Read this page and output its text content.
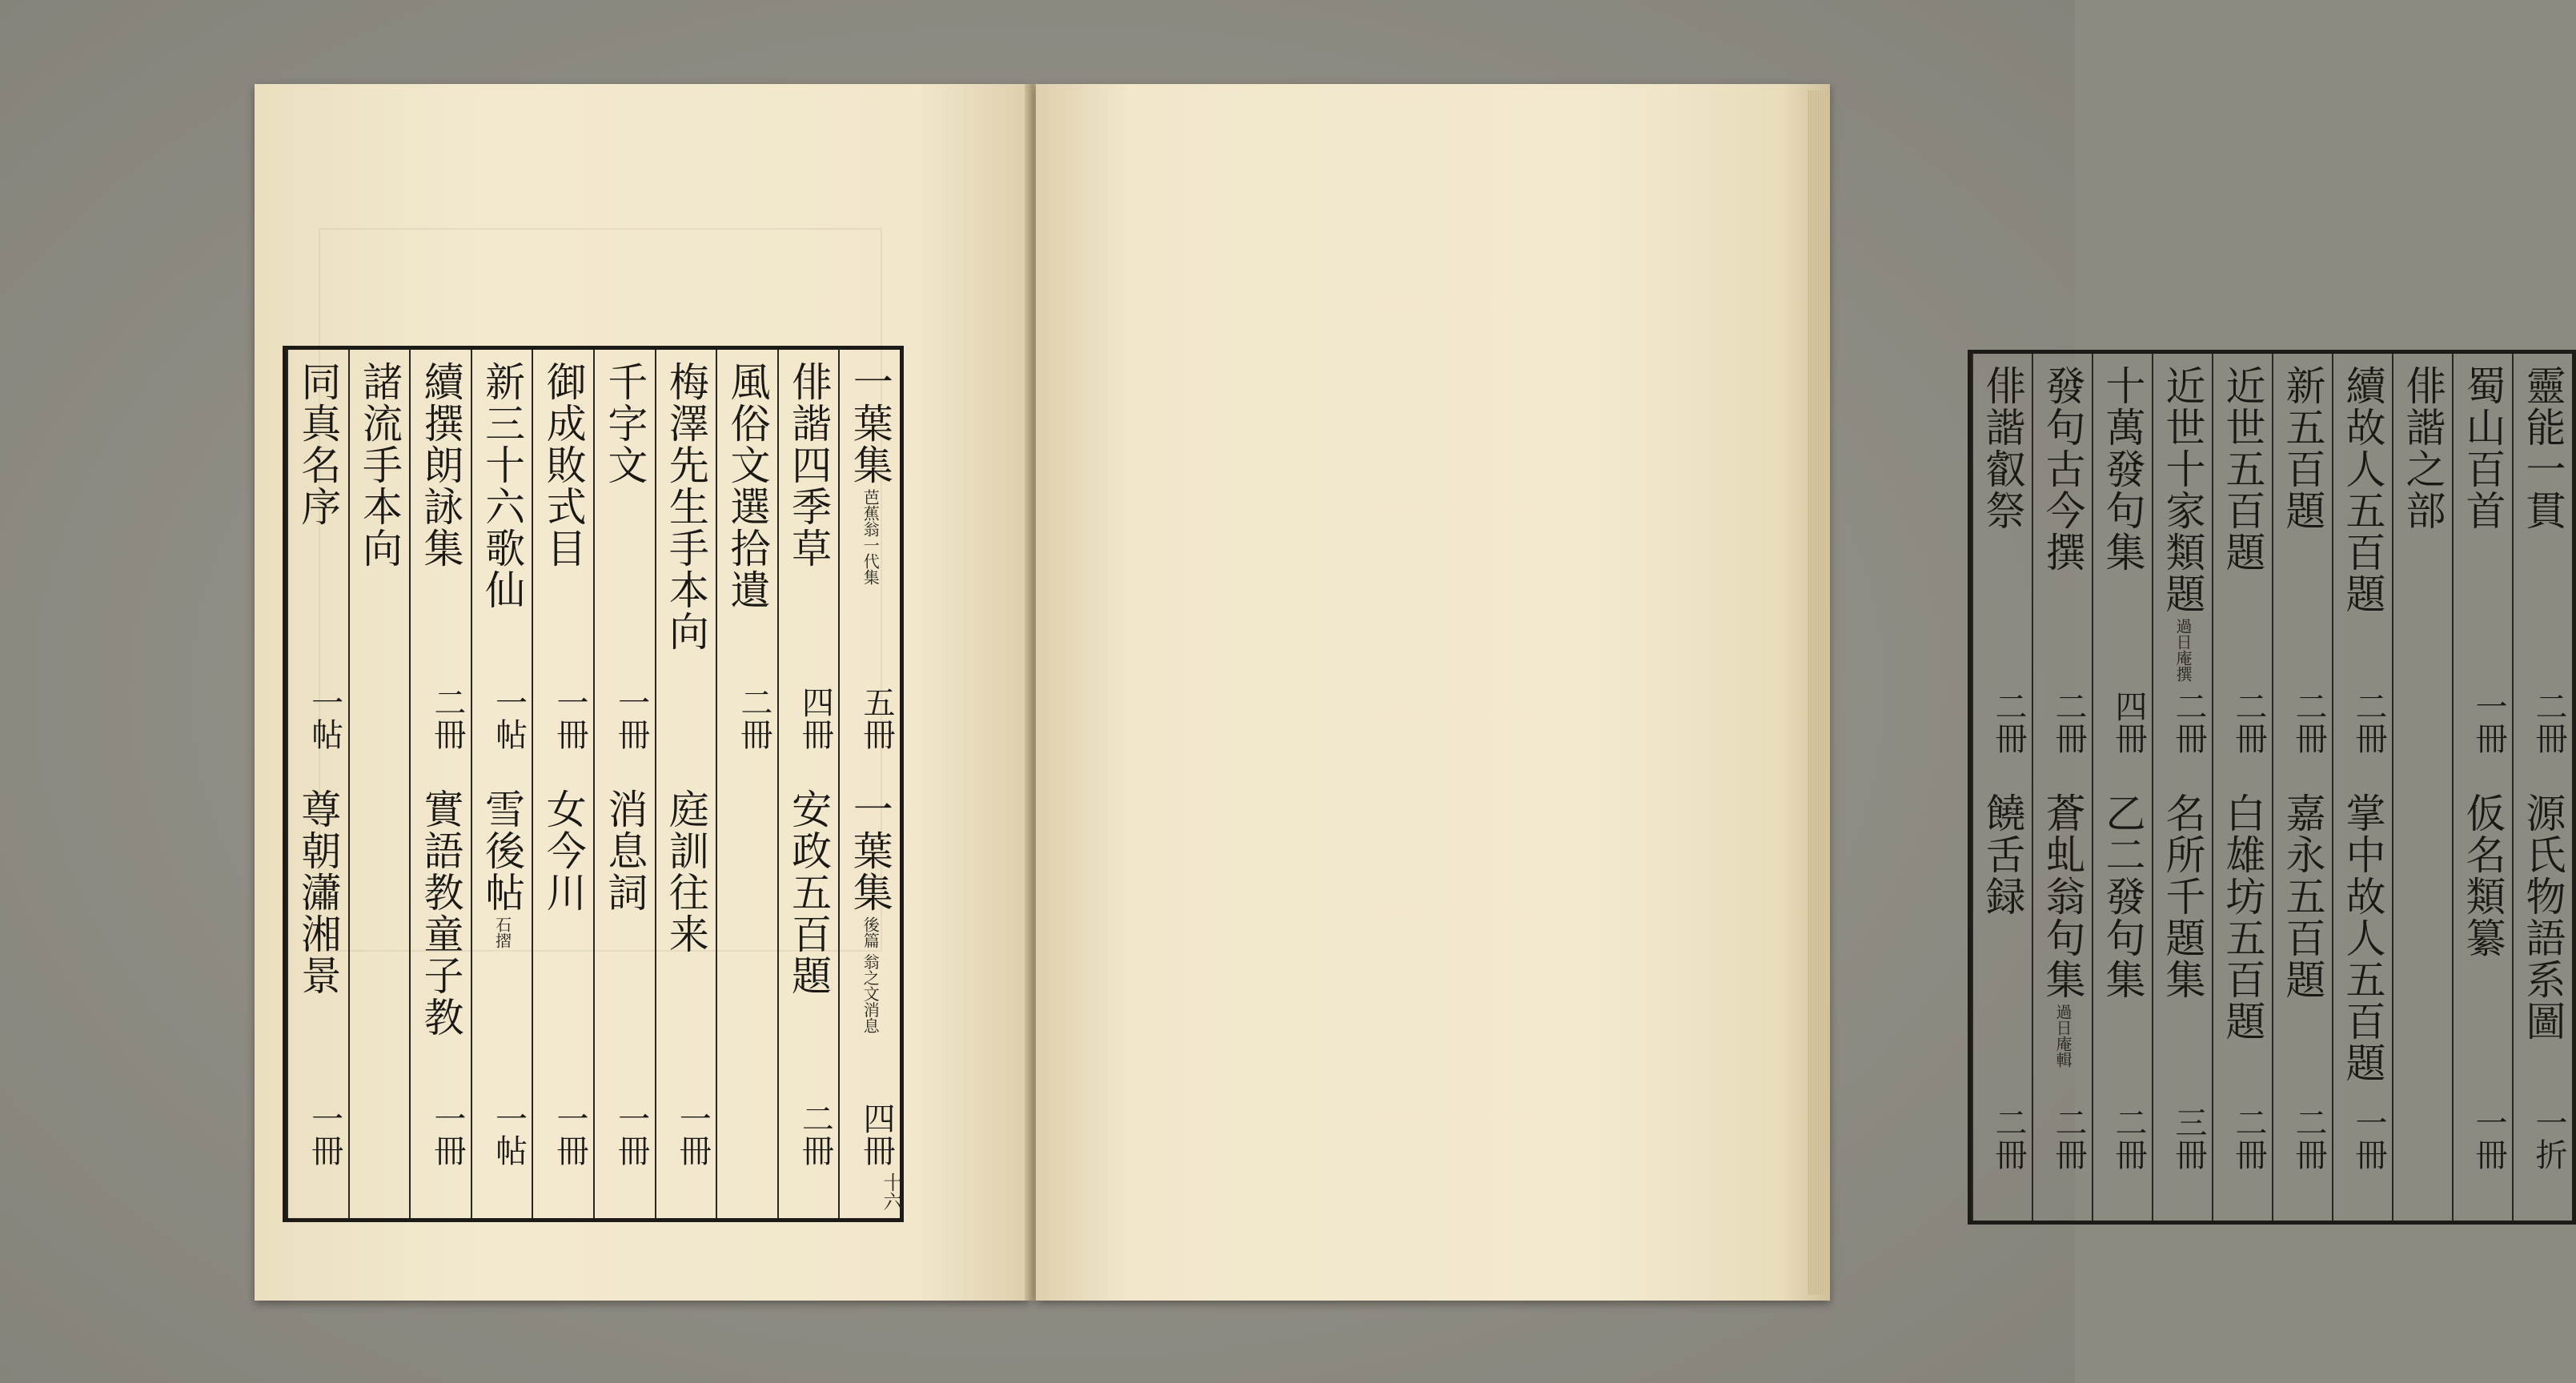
一葉集
芭蕉翁一代集
五冊
一葉集
後篇 翁之文消息
四冊
俳諧四季草
四冊
安政五百題
二冊
風俗文選拾遺
二冊
梅澤先生手本向
庭訓往来
一冊
千字文
一冊
消息詞
一冊
御成敗式目
一冊
女今川
一冊
新三十六歌仙
一帖
雪後帖
石摺
一帖
續撰朗詠集
二冊
實語教童子教
一冊
諸流手本向
同真名序
一帖
尊朝瀟湘景
一冊
十六
靈能一貫
二冊
源氏物語系圖
一折
蜀山百首
一冊
仮名類纂
一冊
俳諧之部
續故人五百題
二冊
掌中故人五百題
一冊
新五百題
二冊
嘉永五百題
二冊
近世五百題
二冊
白雄坊五百題
二冊
近世十家類題
過日庵撰
二冊
名所千題集
三冊
十萬發句集
四冊
乙二發句集
二冊
發句古今撰
二冊
蒼虬翁句集
過日庵輯
二冊
俳諧叡祭
二冊
饒舌録
二冊
